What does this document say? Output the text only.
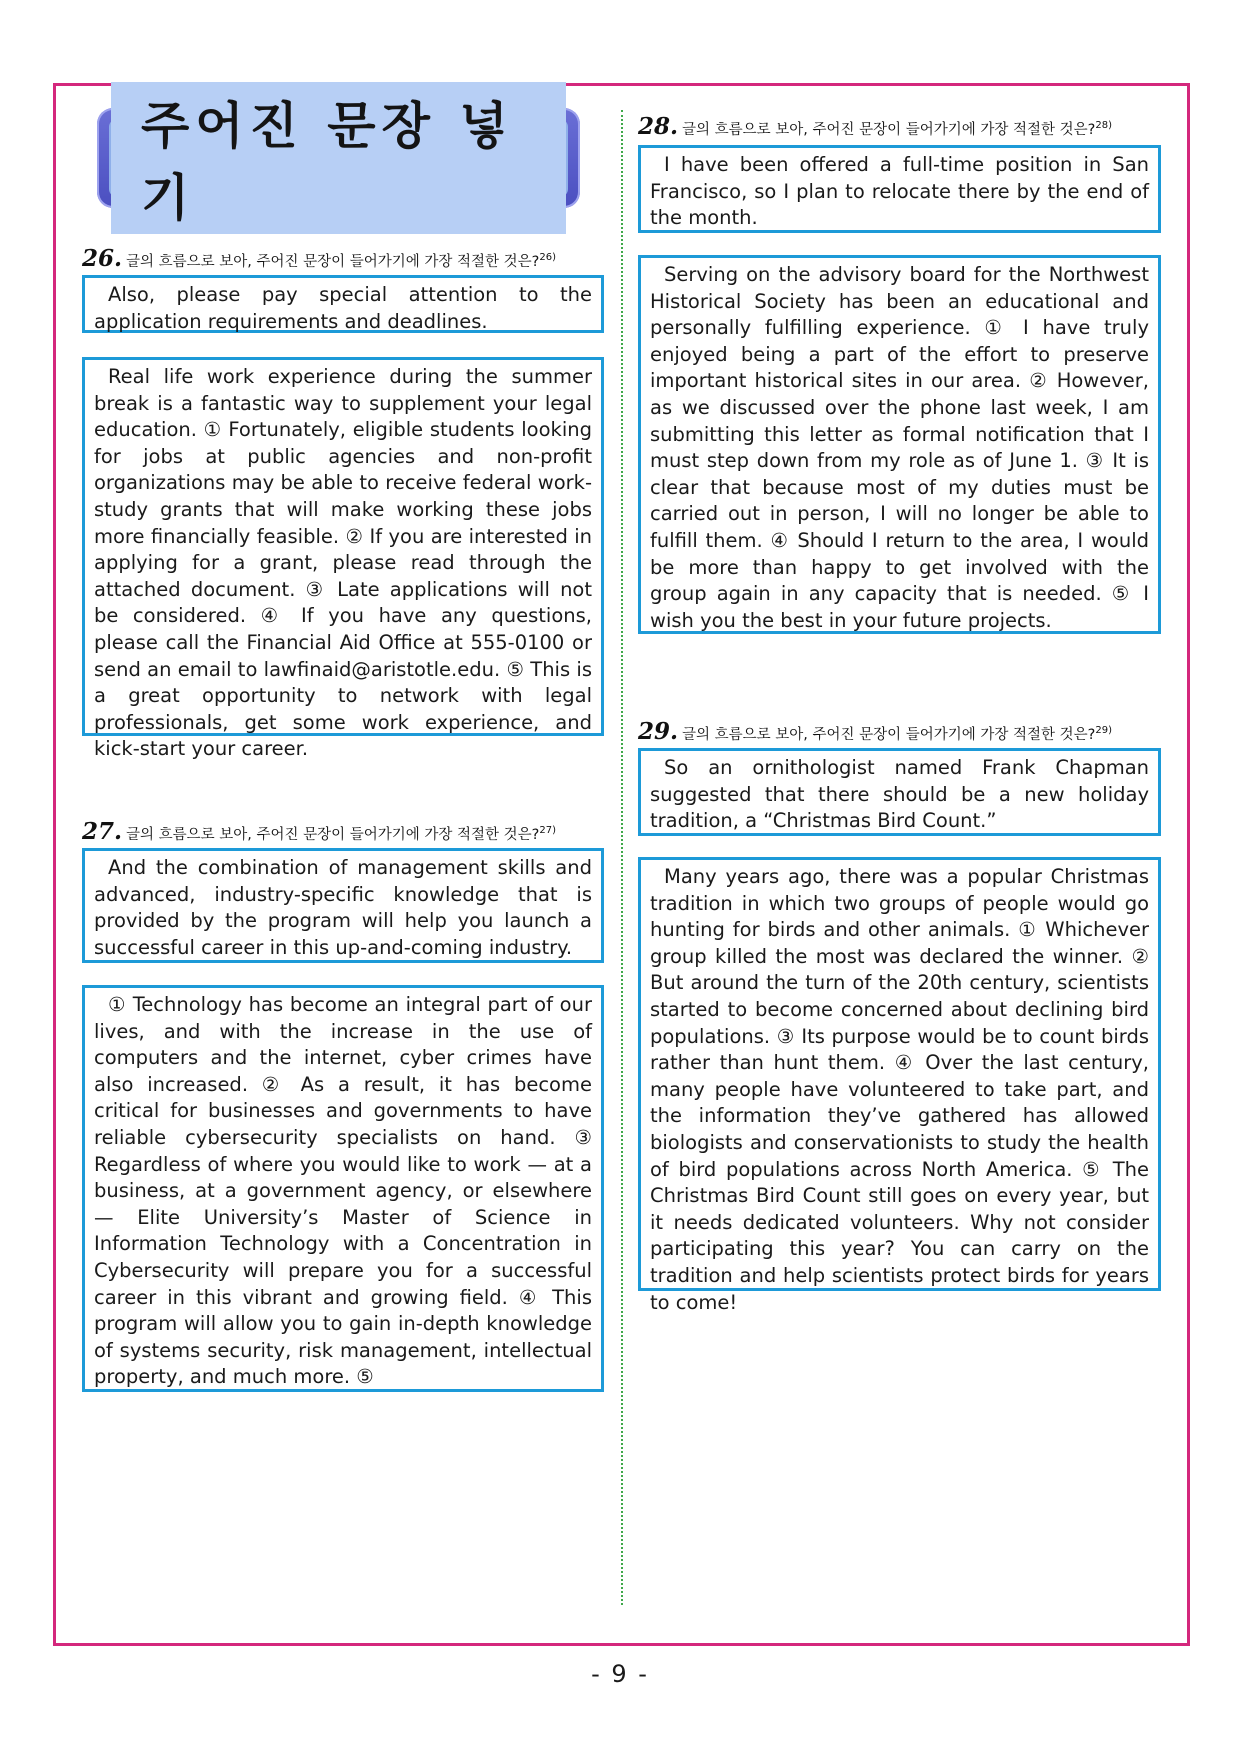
주어진 문장 넣기
26. 글의 흐름으로 보아, 주어진 문장이 들어가기에 가장 적절한 것은?$^{26)}$

Also, please pay special attention to the application requirements and deadlines.

Real life work experience during the summer break is a fantastic way to supplement your legal education. ① Fortunately, eligible students looking for jobs at public agencies and non-profit organizations may be able to receive federal work-study grants that will make working these jobs more financially feasible. ② If you are interested in applying for a grant, please read through the attached document. ③ Late applications will not be considered. ④ If you have any questions, please call the Financial Aid Office at 555-0100 or send an email to lawfinaid@aristotle.edu. ⑤ This is a great opportunity to network with legal professionals, get some work experience, and kick-start your career.

27. 글의 흐름으로 보아, 주어진 문장이 들어가기에 가장 적절한 것은?$^{27)}$

And the combination of management skills and advanced, industry-specific knowledge that is provided by the program will help you launch a successful career in this up-and-coming industry.

① Technology has become an integral part of our lives, and with the increase in the use of computers and the internet, cyber crimes have also increased. ② As a result, it has become critical for businesses and governments to have reliable cybersecurity specialists on hand. ③ Regardless of where you would like to work — at a business, at a government agency, or elsewhere — Elite University’s Master of Science in Information Technology with a Concentration in Cybersecurity will prepare you for a successful career in this vibrant and growing field. ④ This program will allow you to gain in-depth knowledge of systems security, risk management, intellectual property, and much more. ⑤

28. 글의 흐름으로 보아, 주어진 문장이 들어가기에 가장 적절한 것은?$^{28)}$

I have been offered a full-time position in San Francisco, so I plan to relocate there by the end of the month.

Serving on the advisory board for the Northwest Historical Society has been an educational and personally fulfilling experience. ① I have truly enjoyed being a part of the effort to preserve important historical sites in our area. ② However, as we discussed over the phone last week, I am submitting this letter as formal notification that I must step down from my role as of June 1. ③ It is clear that because most of my duties must be carried out in person, I will no longer be able to fulfill them. ④ Should I return to the area, I would be more than happy to get involved with the group again in any capacity that is needed. ⑤ I wish you the best in your future projects.

29. 글의 흐름으로 보아, 주어진 문장이 들어가기에 가장 적절한 것은?$^{29)}$

So an ornithologist named Frank Chapman suggested that there should be a new holiday tradition, a “Christmas Bird Count.”

Many years ago, there was a popular Christmas tradition in which two groups of people would go hunting for birds and other animals. ① Whichever group killed the most was declared the winner. ② But around the turn of the 20th century, scientists started to become concerned about declining bird populations. ③ Its purpose would be to count birds rather than hunt them. ④ Over the last century, many people have volunteered to take part, and the information they’ve gathered has allowed biologists and conservationists to study the health of bird populations across North America. ⑤ The Christmas Bird Count still goes on every year, but it needs dedicated volunteers. Why not consider participating this year? You can carry on the tradition and help scientists protect birds for years to come!

- 9 -
